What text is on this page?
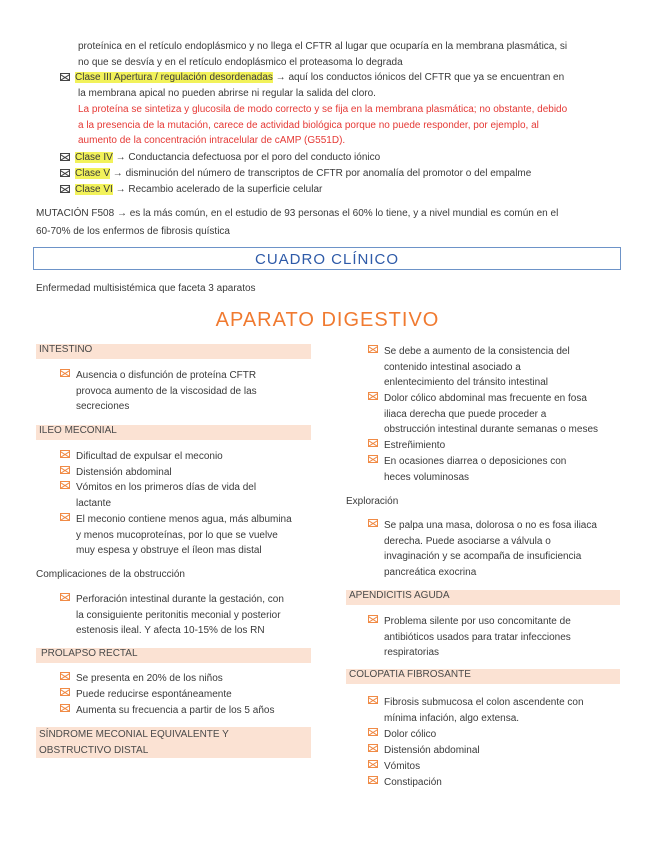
proteínica en el retículo endoplásmico y no llega el CFTR al lugar que ocuparía en la membrana plasmática, si
no que se desvía y en el retículo endoplásmico el proteasoma lo degrada
Clase III Apertura / regulación desordenadas → aquí los conductos iónicos del CFTR que ya se encuentran en
la membrana apical no pueden abrirse ni regular la salida del cloro.
La proteína se sintetiza y glucosila de modo correcto y se fija en la membrana plasmática; no obstante, debido
a la presencia de la mutación, carece de actividad biológica porque no puede responder, por ejemplo, al
aumento de la concentración intracelular de cAMP (G551D).
Clase IV → Conductancia defectuosa por el poro del conducto iónico
Clase V → disminución del número de transcriptos de CFTR por anomalía del promotor o del empalme
Clase VI → Recambio acelerado de la superficie celular
MUTACIÓN F508 → es la más común, en el estudio de 93 personas el 60% lo tiene, y a nivel mundial es común en el
60-70% de los enfermos de fibrosis quística
CUADRO CLÍNICO
Enfermedad multisistémica que faceta 3 aparatos
APARATO DIGESTIVO
INTESTINO
Ausencia o disfunción de proteína CFTR
provoca aumento de la viscosidad de las
secreciones
ILEO MECONIAL
Dificultad de expulsar el meconio
Distensión abdominal
Vómitos en los primeros días de vida del
lactante
El meconio contiene menos agua, más albumina
y menos mucoproteínas, por lo que se vuelve
muy espesa y obstruye el íleon mas distal
Complicaciones de la obstrucción
Perforación intestinal durante la gestación, con
la consiguiente peritonitis meconial y posterior
estenosis ileal. Y afecta 10-15% de los RN
PROLAPSO RECTAL
Se presenta en 20% de los niños
Puede reducirse espontáneamente
Aumenta su frecuencia a partir de los 5 años
SÍNDROME MECONIAL EQUIVALENTE Y
OBSTRUCTIVO DISTAL
Se debe a aumento de la consistencia del
contenido intestinal asociado a
enlentecimiento del tránsito intestinal
Dolor cólico abdominal mas frecuente en fosa
iliaca derecha que puede proceder a
obstrucción intestinal durante semanas o meses
Estreñimiento
En ocasiones diarrea o deposiciones con
heces voluminosas
Exploración
Se palpa una masa, dolorosa o no es fosa iliaca
derecha. Puede asociarse a válvula o
invaginación y se acompaña de insuficiencia
pancreática exocrina
APENDICITIS AGUDA
Problema silente por uso concomitante de
antibióticos usados para tratar infecciones
respiratorias
COLOPATIA FIBROSANTE
Fibrosis submucosa el colon ascendente con
mínima infación, algo extensa.
Dolor cólico
Distensión abdominal
Vómitos
Constipación
